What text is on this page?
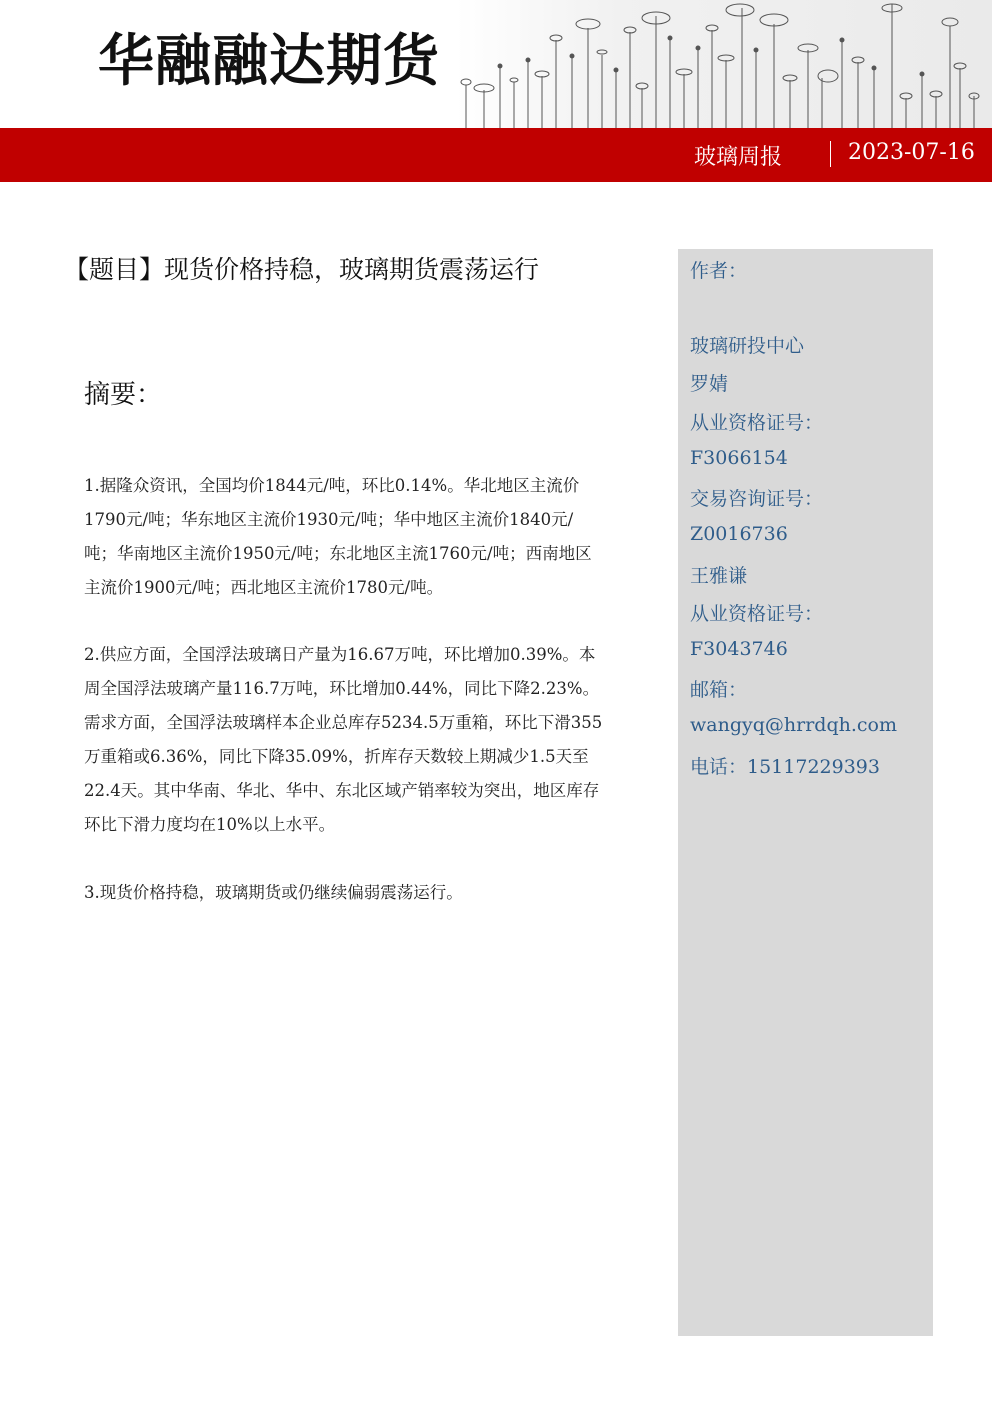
华融融达期货
玻璃周报	2023-07-16
【题目】现货价格持稳，玻璃期货震荡运行
摘要：
1.据隆众资讯，全国均价1844元/吨，环比0.14%。华北地区主流价1790元/吨；华东地区主流价1930元/吨；华中地区主流价1840元/吨；华南地区主流价1950元/吨；东北地区主流1760元/吨；西南地区主流价1900元/吨；西北地区主流价1780元/吨。
2.供应方面，全国浮法玻璃日产量为16.67万吨，环比增加0.39%。本周全国浮法玻璃产量116.7万吨，环比增加0.44%，同比下降2.23%。需求方面，全国浮法玻璃样本企业总库存5234.5万重箱，环比下滑355万重箱或6.36%，同比下降35.09%，折库存天数较上期减少1.5天至22.4天。其中华南、华北、华中、东北区域产销率较为突出，地区库存环比下滑力度均在10%以上水平。
3.现货价格持稳，玻璃期货或仍继续偏弱震荡运行。
作者：
玻璃研投中心
罗婧
从业资格证号：
F3066154
交易咨询证号：
Z0016736
王雅谦
从业资格证号：
F3043746
邮箱：
wangyq@hrrdqh.com
电话：15117229393
